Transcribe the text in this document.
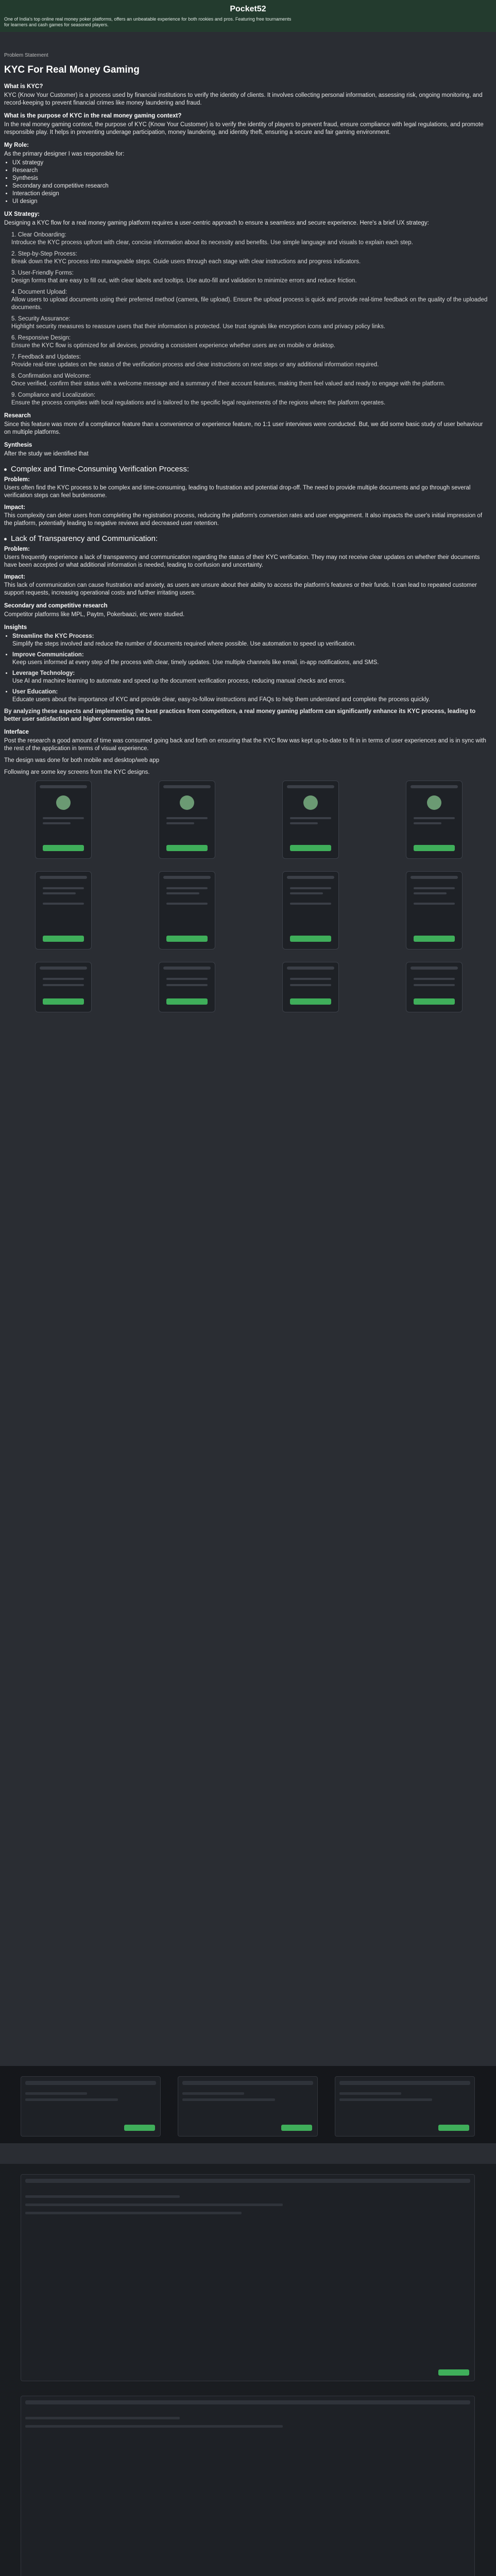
Pocket52
One of India's top online real money poker platforms, offers an unbeatable experience for both rookies and pros. Featuring free tournaments for learners and cash games for seasoned players.
Problem Statement
KYC For Real Money Gaming
What is KYC?

KYC (Know Your Customer) is a process used by financial institutions to verify the identity of clients. It involves collecting personal information, assessing risk, ongoing monitoring, and record-keeping to prevent financial crimes like money laundering and fraud.

What is the purpose of KYC in the real money gaming context?

In the real money gaming context, the purpose of KYC (Know Your Customer) is to verify the identity of players to prevent fraud, ensure compliance with legal regulations, and promote responsible play. It helps in preventing underage participation, money laundering, and identity theft, ensuring a secure and fair gaming environment.

My Role:

As the primary designer I was responsible for:

• UX strategy
• Research
• Synthesis
• Secondary and competitive research
• Interaction design
• UI design
UX Strategy:

Designing a KYC flow for a real money gaming platform requires a user-centric approach to ensure a seamless and secure experience. Here's a brief UX strategy:

1. Clear Onboarding:
Introduce the KYC process upfront with clear, concise information about its necessity and benefits. Use simple language and visuals to explain each step.
2. Step-by-Step Process:
Break down the KYC process into manageable steps. Guide users through each stage with clear instructions and progress indicators.
3. User-Friendly Forms:
Design forms that are easy to fill out, with clear labels and tooltips. Use auto-fill and validation to minimize errors and reduce friction.
4. Document Upload:
Allow users to upload documents using their preferred method (camera, file upload). Ensure the upload process is quick and provide real-time feedback on the quality of the uploaded documents.
5. Security Assurance:
Highlight security measures to reassure users that their information is protected. Use trust signals like encryption icons and privacy policy links.
6. Responsive Design:
Ensure the KYC flow is optimized for all devices, providing a consistent experience whether users are on mobile or desktop.
7. Feedback and Updates:
Provide real-time updates on the status of the verification process and clear instructions on next steps or any additional information required.
8. Confirmation and Welcome:
Once verified, confirm their status with a welcome message and a summary of their account features, making them feel valued and ready to engage with the platform.
9. Compliance and Localization:
Ensure the process complies with local regulations and is tailored to the specific legal requirements of the regions where the platform operates.
Research

Since this feature was more of a compliance feature than a convenience or experience feature, no 1:1 user interviews were conducted. But, we did some basic study of user behaviour on multiple platforms.

Synthesis

After the study we identified that

Complex and Time-Consuming Verification Process:
Problem:

Users often find the KYC process to be complex and time-consuming, leading to frustration and potential drop-off. The need to provide multiple documents and go through several verification steps can feel burdensome.

Impact:

This complexity can deter users from completing the registration process, reducing the platform's conversion rates and user engagement. It also impacts the user's initial impression of the platform, potentially leading to negative reviews and decreased user retention.

Lack of Transparency and Communication:
Problem:

Users frequently experience a lack of transparency and communication regarding the status of their KYC verification. They may not receive clear updates on whether their documents have been accepted or what additional information is needed, leading to confusion and uncertainty.

Impact:

This lack of communication can cause frustration and anxiety, as users are unsure about their ability to access the platform's features or their funds. It can lead to repeated customer support requests, increasing operational costs and further irritating users.

Secondary and competitive research

Competitor platforms like MPL, Paytm, Pokerbaazi, etc were studied.

Insights
• Streamline the KYC Process:
Simplify the steps involved and reduce the number of documents required where possible. Use automation to speed up verification.
• Improve Communication:
Keep users informed at every step of the process with clear, timely updates. Use multiple channels like email, in-app notifications, and SMS.
• Leverage Technology:
Use AI and machine learning to automate and speed up the document verification process, reducing manual checks and errors.
• User Education:
Educate users about the importance of KYC and provide clear, easy-to-follow instructions and FAQs to help them understand and complete the process quickly.

By analyzing these aspects and implementing the best practices from competitors, a real money gaming platform can significantly enhance its KYC process, leading to better user satisfaction and higher conversion rates.

Interface

Post the research a good amount of time was consumed going back and forth on ensuring that the KYC flow was kept up-to-date to fit in in terms of user experiences and is in sync with the rest of the application in terms of visual experience.

The design was done for both mobile and desktop/web app

Following are some key screens from the KYC designs.
